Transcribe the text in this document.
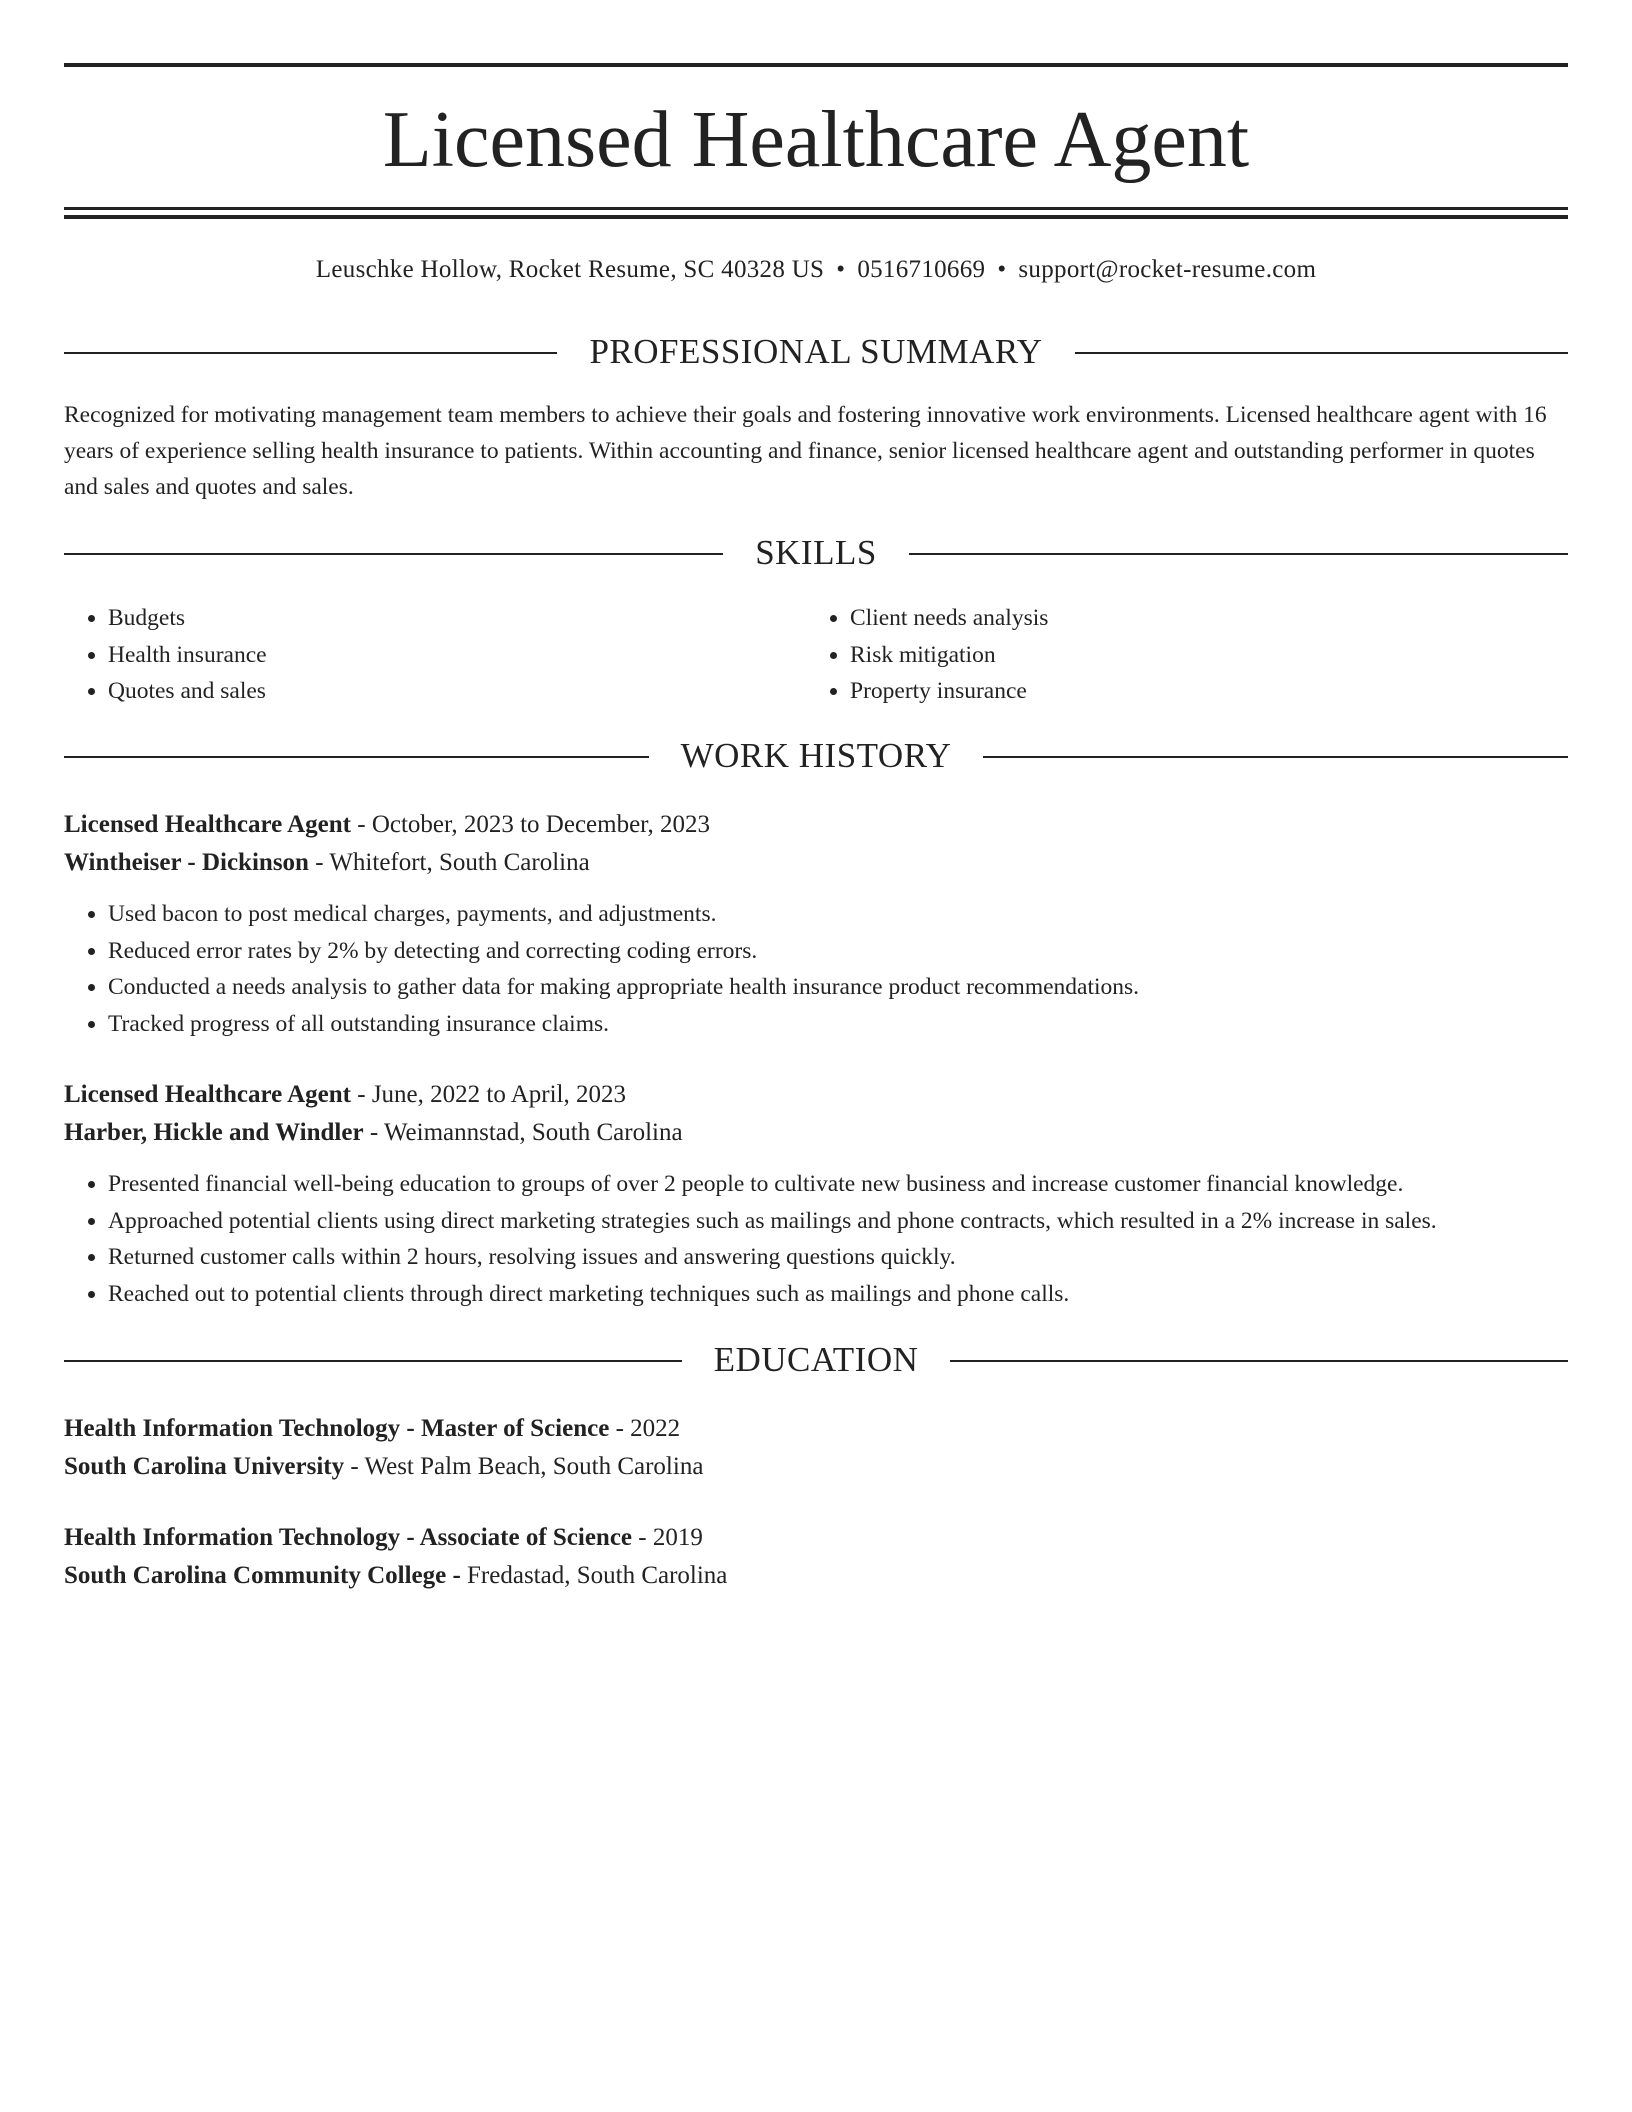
Licensed Healthcare Agent
Leuschke Hollow, Rocket Resume, SC 40328 US • 0516710669 • support@rocket-resume.com
PROFESSIONAL SUMMARY

Recognized for motivating management team members to achieve their goals and fostering innovative work environments. Licensed healthcare agent with 16 years of experience selling health insurance to patients. Within accounting and finance, senior licensed healthcare agent and outstanding performer in quotes and sales and quotes and sales.

SKILLS
• Budgets
• Health insurance
• Quotes and sales
• Client needs analysis
• Risk mitigation
• Property insurance
WORK HISTORY
Licensed Healthcare Agent - October, 2023 to December, 2023
Wintheiser - Dickinson - Whitefort, South Carolina
• Used bacon to post medical charges, payments, and adjustments.
• Reduced error rates by 2% by detecting and correcting coding errors.
• Conducted a needs analysis to gather data for making appropriate health insurance product recommendations.
• Tracked progress of all outstanding insurance claims.
Licensed Healthcare Agent - June, 2022 to April, 2023
Harber, Hickle and Windler - Weimannstad, South Carolina
• Presented financial well-being education to groups of over 2 people to cultivate new business and increase customer financial knowledge.
• Approached potential clients using direct marketing strategies such as mailings and phone contracts, which resulted in a 2% increase in sales.
• Returned customer calls within 2 hours, resolving issues and answering questions quickly.
• Reached out to potential clients through direct marketing techniques such as mailings and phone calls.
EDUCATION
Health Information Technology - Master of Science - 2022
South Carolina University - West Palm Beach, South Carolina
Health Information Technology - Associate of Science - 2019
South Carolina Community College - Fredastad, South Carolina
